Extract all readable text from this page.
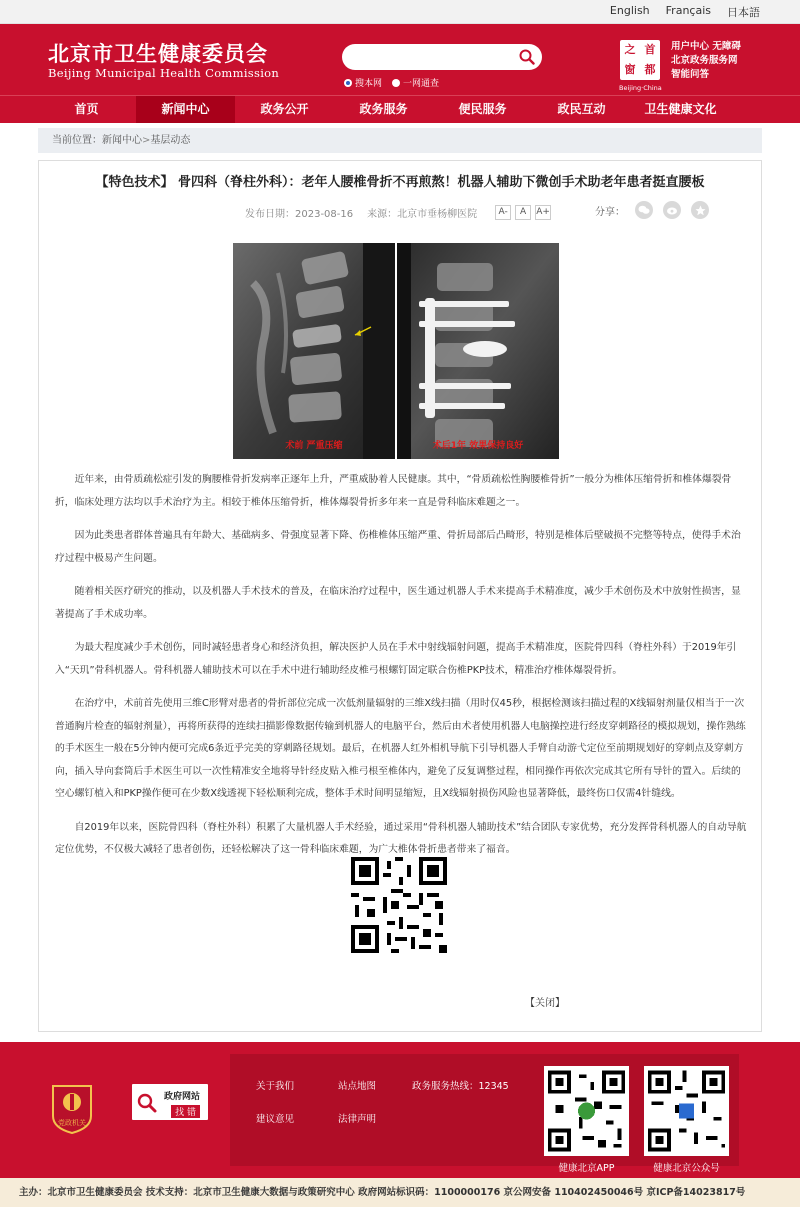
English Français 日本語
北京市卫生健康委员会
Beijing Municipal Health Commission
搜本网 一网通查
之 首
窗 都
Beijing·China
用户中心 无障碍
北京政务服务网
智能问答
首页	新闻中心	政务公开	政务服务	便民服务	政民互动	卫生健康文化
当前位置：新闻中心>基层动态
【特色技术】 骨四科（脊柱外科）：老年人腰椎骨折不再煎熬！机器人辅助下微创手术助老年患者挺直腰板
发布日期：2023-08-16 来源：北京市垂杨柳医院	A-	A	A+	分享：
术前 严重压缩	术后1年 效果保持良好

近年来，由骨质疏松症引发的胸腰椎骨折发病率正逐年上升，严重威胁着人民健康。其中，“骨质疏松性胸腰椎骨折”一般分为椎体压缩骨折和椎体爆裂骨折，临床处理方法均以手术治疗为主。相较于椎体压缩骨折，椎体爆裂骨折多年来一直是骨科临床难题之一。

因为此类患者群体普遍具有年龄大、基础病多、骨强度显著下降、伤椎椎体压缩严重、骨折局部后凸畸形，特别是椎体后壁破损不完整等特点，使得手术治疗过程中极易产生问题。

随着相关医疗研究的推动，以及机器人手术技术的普及，在临床治疗过程中，医生通过机器人手术来提高手术精准度，减少手术创伤及术中放射性损害，显著提高了手术成功率。

为最大程度减少手术创伤，同时减轻患者身心和经济负担，解决医护人员在手术中射线辐射问题，提高手术精准度，医院骨四科（脊柱外科）于2019年引入“天玑”骨科机器人。骨科机器人辅助技术可以在手术中进行辅助经皮椎弓根螺钉固定联合伤椎PKP技术，精准治疗椎体爆裂骨折。

在治疗中，术前首先使用三维C形臂对患者的骨折部位完成一次低剂量辐射的三维X线扫描（用时仅45秒，根据检测该扫描过程的X线辐射剂量仅相当于一次普通胸片检查的辐射剂量），再将所获得的连续扫描影像数据传输到机器人的电脑平台，然后由术者使用机器人电脑操控进行经皮穿刺路径的模拟规划，操作熟练的手术医生一般在5分钟内便可完成6条近乎完美的穿刺路径规划。最后，在机器人红外相机导航下引导机器人手臂自动游弋定位至前期规划好的穿刺点及穿刺方向，插入导向套筒后手术医生可以一次性精准安全地将导针经皮贴入椎弓根至椎体内，避免了反复调整过程，相同操作再依次完成其它所有导针的置入。后续的空心螺钉植入和PKP操作便可在少数X线透视下轻松顺利完成，整体手术时间明显缩短，且X线辐射损伤风险也显著降低，最终伤口仅需4针缝线。

自2019年以来，医院骨四科（脊柱外科）积累了大量机器人手术经验，通过采用“骨科机器人辅助技术”结合团队专家优势，充分发挥骨科机器人的自动导航定位优势，不仅极大减轻了患者创伤，还轻松解决了这一骨科临床难题，为广大椎体骨折患者带来了福音。

【关闭】
党政机关
政府网站
找 错
关于我们	站点地图	政务服务热线：12345
建议意见	法律声明
健康北京APP	健康北京公众号
主办：北京市卫生健康委员会 技术支持：北京市卫生健康大数据与政策研究中心 政府网站标识码：1100000176 京公网安备 110402450046号 京ICP备14023817号
